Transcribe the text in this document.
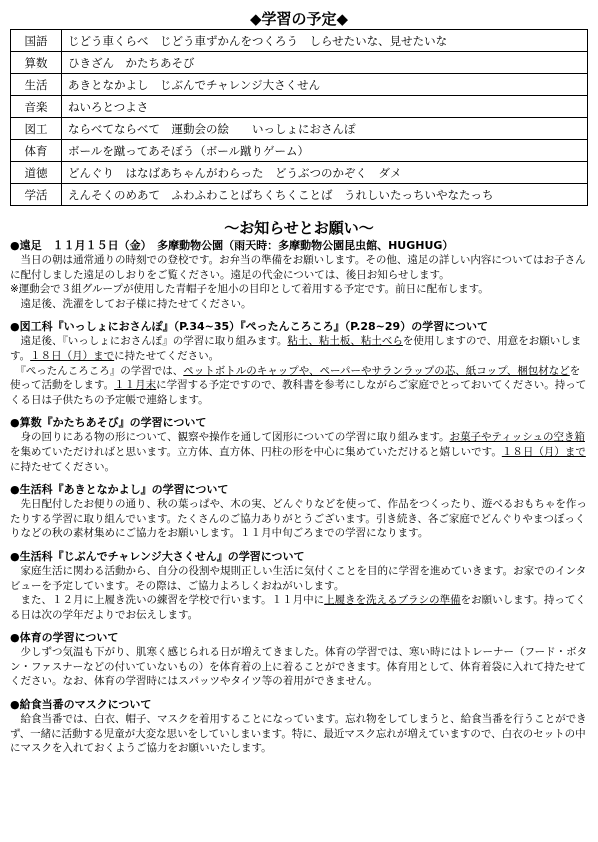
◆学習の予定◆
国語	じどう車くらべ　じどう車ずかんをつくろう　しらせたいな、見せたいな
算数	ひきざん　かたちあそび
生活	あきとなかよし　じぶんでチャレンジ大さくせん
音楽	ねいろとつよさ
図工	ならべてならべて　運動会の絵　　いっしょにおさんぽ
体育	ボールを蹴ってあそぼう（ボール蹴りゲーム）
道徳	どんぐり　はなばあちゃんがわらった　どうぶつのかぞく　ダメ
学活	えんそくのめあて　ふわふわことばちくちくことば　うれしいたっちいやなたっち
～お知らせとお願い～
●遠足　１１月１５日（金）　多摩動物公園（雨天時：多摩動物公園昆虫館、HUGHUG）
　当日の朝は通常通りの時刻での登校です。お弁当の準備をお願いします。その他、遠足の詳しい内容についてはお子さんに配付しました遠足のしおりをご覧ください。遠足の代金については、後日お知らせします。
※運動会で３組グループが使用した青帽子を旭小の目印として着用する予定です。前日に配布します。
　遠足後、洗濯をしてお子様に持たせてください。
●図工科『いっしょにおさんぽ』（P.34~35）『ぺったんころころ』（P.28~29）の学習について
　遠足後、『いっしょにおさんぽ』の学習に取り組みます。粘土、粘土板、粘土べらを使用しますので、用意をお願いします。１８日（月）までに持たせてください。
　『ぺったんころころ』の学習では、ペットボトルのキャップや、ペーパーやサランラップの芯、紙コップ、梱包材などを使って活動をします。１１月末に学習する予定ですので、教科書を参考にしながらご家庭でとっておいてください。持ってくる日は子供たちの予定帳で連絡します。
●算数『かたちあそび』の学習について
　身の回りにある物の形について、観察や操作を通して図形についての学習に取り組みます。お菓子やティッシュの空き箱を集めていただければと思います。立方体、直方体、円柱の形を中心に集めていただけると嬉しいです。１８日（月）までに持たせてください。
●生活科『あきとなかよし』の学習について
　先日配付したお便りの通り、秋の葉っぱや、木の実、どんぐりなどを使って、作品をつくったり、遊べるおもちゃを作ったりする学習に取り組んでいます。たくさんのご協力ありがとうございます。引き続き、各ご家庭でどんぐりやまつぼっくりなどの秋の素材集めにご協力をお願いします。１１月中旬ごろまでの学習になります。
●生活科『じぶんでチャレンジ大さくせん』の学習について
　家庭生活に関わる活動から、自分の役割や規則正しい生活に気付くことを目的に学習を進めていきます。お家でのインタビューを予定しています。その際は、ご協力よろしくおねがいします。
　また、１２月に上履き洗いの練習を学校で行います。１１月中に上履きを洗えるブラシの準備をお願いします。持ってくる日は次の学年だよりでお伝えします。
●体育の学習について
　少しずつ気温も下がり、肌寒く感じられる日が増えてきました。体育の学習では、寒い時にはトレーナー（フード・ボタン・ファスナーなどの付いていないもの）を体育着の上に着ることができます。体育用として、体育着袋に入れて持たせてください。なお、体育の学習時にはスパッツやタイツ等の着用ができません。
●給食当番のマスクについて
　給食当番では、白衣、帽子、マスクを着用することになっています。忘れ物をしてしまうと、給食当番を行うことができず、一緒に活動する児童が大変な思いをしていしまいます。特に、最近マスク忘れが増えていますので、白衣のセットの中にマスクを入れておくようご協力をお願いいたします。
